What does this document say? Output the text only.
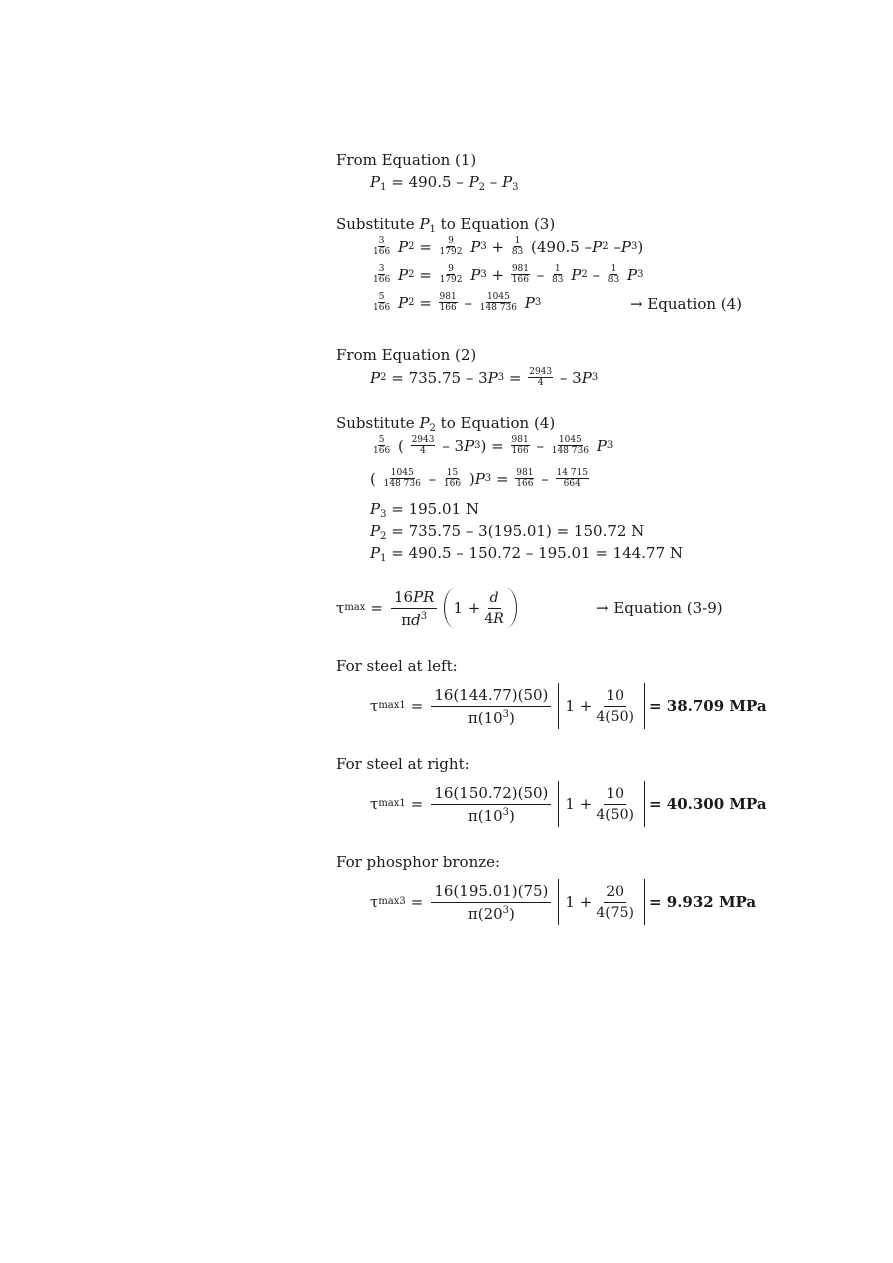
From Equation (1)
$P_1 = 490.5 - P_2 - P_3$
Substitute $P_1$ to Equation (3)
3
166
P 2 = 9
1792
P 3 + 1
83 (490.5 – P 2 – P 3 )
3
166
P 2 = 9
1792
P 3 + 981
166 – 1
83
P 2 – 1
83
P 3
5
166
P 2 = 981
166 – 1045
148 736
P 3	→ Equation (4)
From Equation (2)
P 2 = 735.75 – 3 P 3 = 2943
4 – 3 P 3
Substitute $P_2$ to Equation (4)
5
166 ( 2943
4 – 3 P 3 ) = 981
166 – 1045
148 736
P 3
( 1045
148 736 – 15
166 ) P 3 = 981
166 – 14 715
664
$P_3 = 195.01$ N
$P_2 = 735.75 - 3(195.01) = 150.72$ N
$P_1 = 490.5 - 150.72 - 195.01 = 144.77$ N
τ $\max = \frac{16PR}{\pi d^3}$	1 +
d
4R
→ Equation (3-9)
For steel at left:
τ $\max 1 = \frac{16(144.77)(50)}{\pi(10^3)} 1$ +
10
4(50)
= 38.709 MPa
For steel at right:
τ $\max 1 = \frac{16(150.72)(50)}{\pi(10^3)} 1$ +
10
4(50)
= 40.300 MPa
For phosphor bronze:
τ $\max 3 = \frac{16(195.01)(75)}{\pi(20^3)} 1$ +
20
4(75)
= 9.932 MPa
